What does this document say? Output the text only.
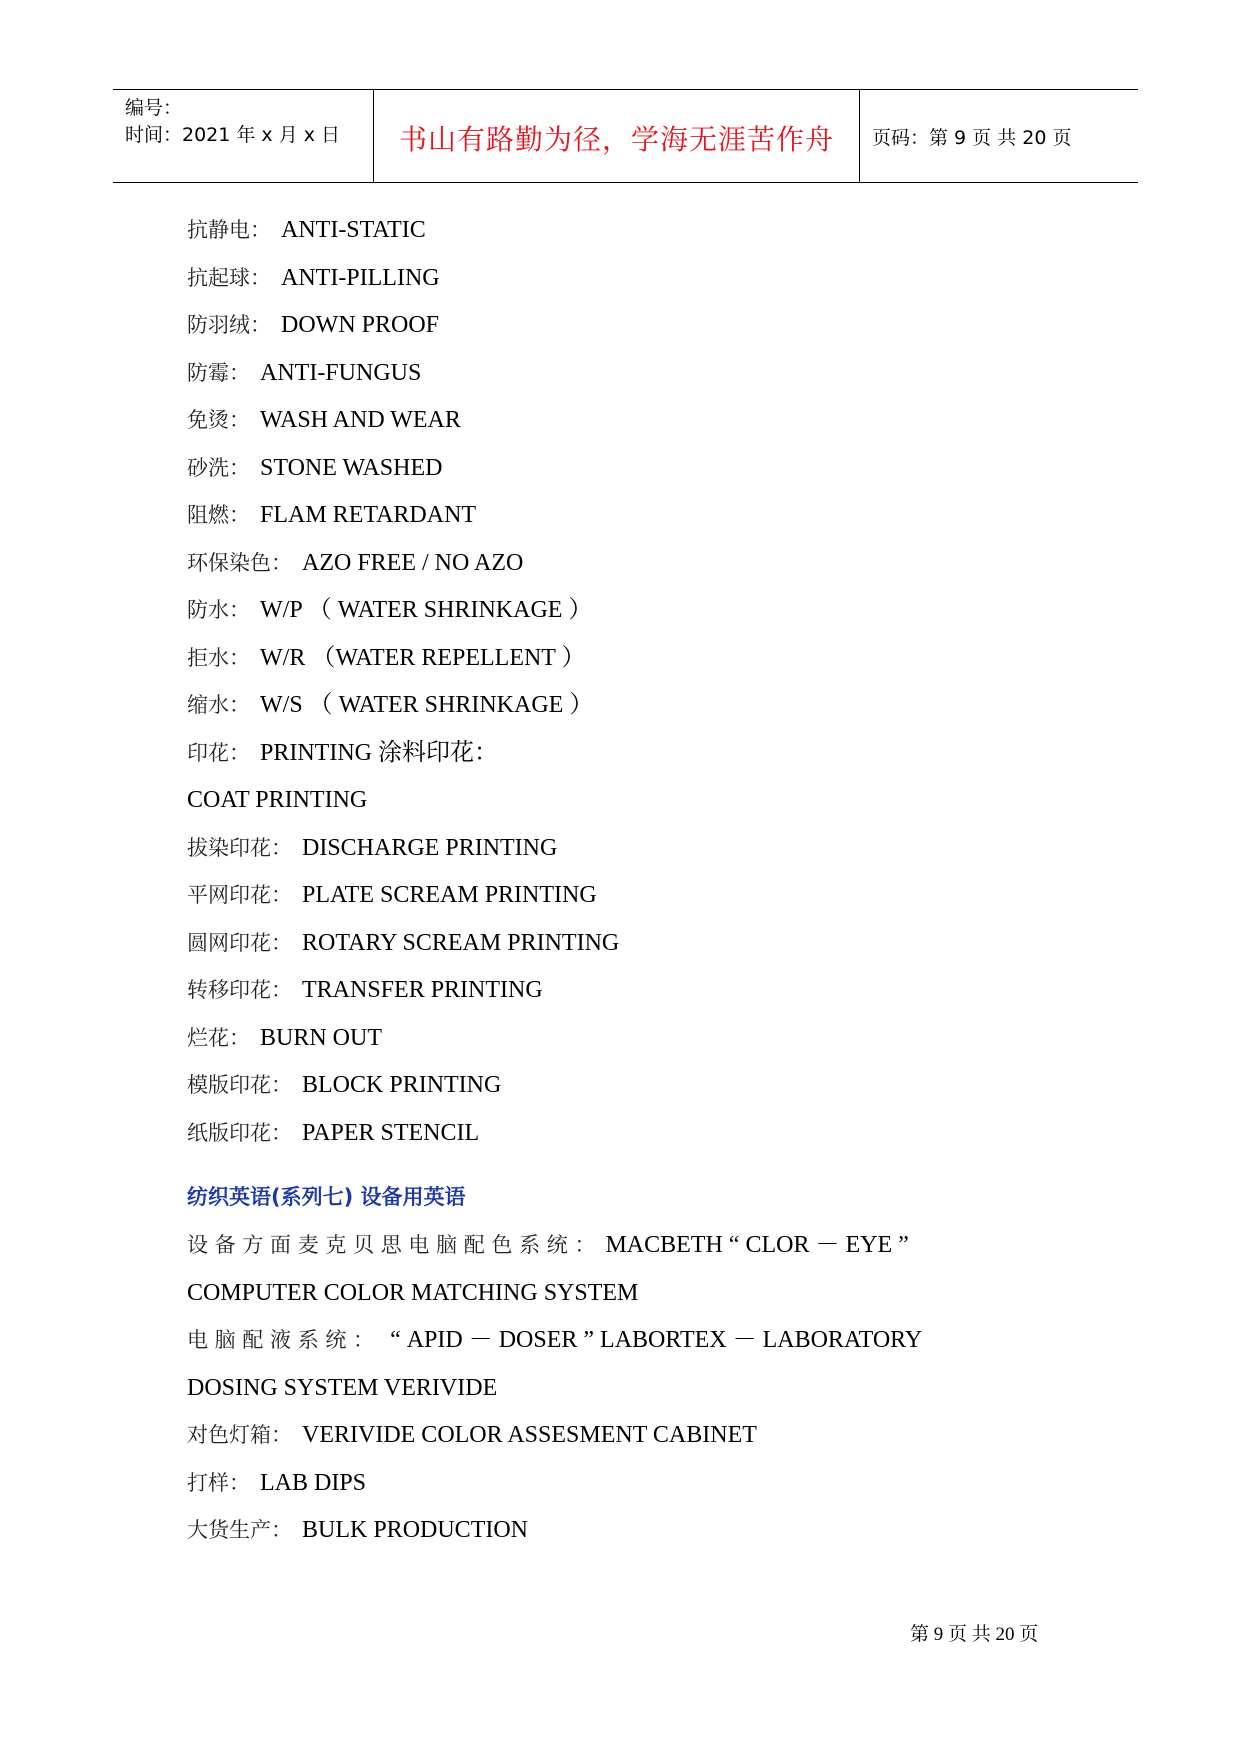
编号：
时间：2021 年 x 月 x 日	书山有路勤为径，学海无涯苦作舟	页码：第 9 页 共 20 页
抗静电： ANTI-STATIC
抗起球： ANTI-PILLING
防羽绒： DOWN PROOF
防霉： ANTI-FUNGUS
免烫： WASH AND WEAR
砂洗： STONE WASHED
阻燃： FLAM RETARDANT
环保染色： AZO FREE / NO AZO
防水： W/P （ WATER SHRINKAGE ）
拒水： W/R （WATER REPELLENT ）
缩水： W/S （ WATER SHRINKAGE ）
印花： PRINTING 涂料印花：
COAT PRINTING
拔染印花： DISCHARGE PRINTING
平网印花： PLATE SCREAM PRINTING
圆网印花： ROTARY SCREAM PRINTING
转移印花： TRANSFER PRINTING
烂花： BURN OUT
模版印花： BLOCK PRINTING
纸版印花： PAPER STENCIL
纺织英语(系列七) 设备用英语
设 备 方 面 麦 克 贝 思 电 脑 配 色 系 统 ： MACBETH “ CLOR － EYE ”
COMPUTER COLOR MATCHING SYSTEM
电 脑 配 液 系 统 ： “ APID － DOSER ” LABORTEX － LABORATORY
DOSING SYSTEM VERIVIDE
对色灯箱： VERIVIDE COLOR ASSESMENT CABINET
打样： LAB DIPS
大货生产： BULK PRODUCTION
第 9 页 共 20 页
